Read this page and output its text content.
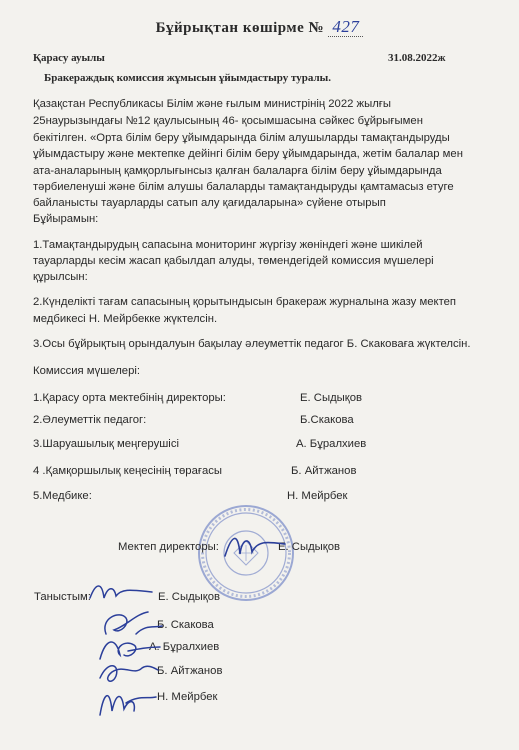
Бұйрықтан көшірме № 427
Қарасу ауылы	31.08.2022ж
Бракераждық комиссия жұмысын ұйымдастыру туралы.
Қазақстан Республикасы Білім және ғылым министрінің 2022 жылғы
25наурызындағы №12 қаулысының 46- қосымшасына сәйкес бұйрығымен
бекітілген. «Орта білім беру ұйымдарында білім алушыларды тамақтандыруды
ұйымдастыру және мектепке дейінгі білім беру ұйымдарында, жетім балалар мен
ата-аналарының қамқорлығынсыз қалған балаларға білім беру ұйымдарында
тәрбиеленуші және білім алушы балаларды тамақтандыруды қамтамасыз етуге
байланысты тауарларды сатып алу қағидаларына» сүйене отырып
Бұйырамын:
1.Тамақтандырудың сапасына мониторинг жүргізу жөніндегі және шикілей
тауарларды кесім жасап қабылдап алуды, төмендегідей комиссия мүшелері
құрылсын:
2.Күнделікті тағам сапасының қорытындысын бракераж журналына жазу мектеп
медбикесі Н. Мейрбекке жүктелсін.
3.Осы бұйрықтың орындалуын бақылау әлеуметтік педагог Б. Скаковаға жүктелсін.
Комиссия мүшелері:
1.Қарасу орта мектебінің директоры:	Е. Сыдықов
2.Әлеуметтік педагог:	Б.Скакова
3.Шаруашылық меңгерушісі	А. Бұралхиев
4 .Қамқоршылық кеңесінің төрағасы	Б. Айтжанов
5.Медбике:	Н. Мейрбек
Мектеп директоры:	Е. Сыдықов
Таныстым:	Е. Сыдықов
Б. Скакова
А. Бұралхиев
Б. Айтжанов
Н. Мейрбек
